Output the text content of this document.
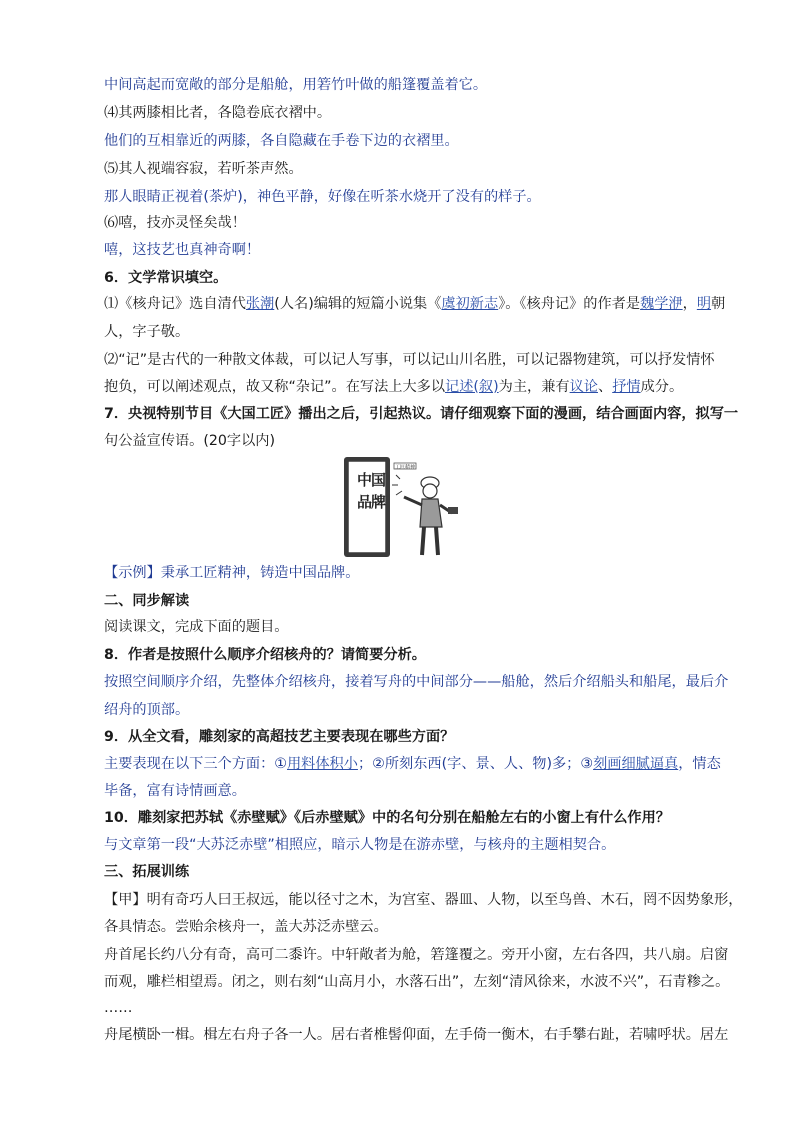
中间高起而宽敞的部分是船舱，用箬竹叶做的船篷覆盖着它。
⑷其两膝相比者，各隐卷底衣褶中。
他们的互相靠近的两膝，各自隐藏在手卷下边的衣褶里。
⑸其人视端容寂，若听茶声然。
那人眼睛正视着(茶炉)，神色平静，好像在听茶水烧开了没有的样子。
⑹嘻，技亦灵怪矣哉！
嘻，这技艺也真神奇啊！
6．文学常识填空。
⑴《核舟记》选自清代张潮(人名)编辑的短篇小说集《虞初新志》。《核舟记》的作者是魏学洢，明朝
人，字子敬。
⑵“记”是古代的一种散文体裁，可以记人写事，可以记山川名胜，可以记器物建筑，可以抒发情怀
抱负，可以阐述观点，故又称“杂记”。在写法上大多以记述(叙)为主，兼有议论、抒情成分。
7．央视特别节目《大国工匠》播出之后，引起热议。请仔细观察下面的漫画，结合画面内容，拟写一
句公益宣传语。(20字以内)
中
国
品
牌
工匠精神
【示例】秉承工匠精神，铸造中国品牌。
二、同步解读
阅读课文，完成下面的题目。
8．作者是按照什么顺序介绍核舟的？请简要分析。
按照空间顺序介绍，先整体介绍核舟，接着写舟的中间部分——船舱，然后介绍船头和船尾，最后介
绍舟的顶部。
9．从全文看，雕刻家的高超技艺主要表现在哪些方面？
主要表现在以下三个方面：①用料体积小；②所刻东西(字、景、人、物)多；③刻画细腻逼真，情态
毕备，富有诗情画意。
10．雕刻家把苏轼《赤壁赋》《后赤壁赋》中的名句分别在船舱左右的小窗上有什么作用？
与文章第一段“大苏泛赤壁”相照应，暗示人物是在游赤壁，与核舟的主题相契合。
三、拓展训练
【甲】明有奇巧人曰王叔远，能以径寸之木，为宫室、器皿、人物，以至鸟兽、木石，罔不因势象形，
各具情态。尝贻余核舟一，盖大苏泛赤壁云。
舟首尾长约八分有奇，高可二黍许。中轩敞者为舱，箬篷覆之。旁开小窗，左右各四，共八扇。启窗
而观，雕栏相望焉。闭之，则右刻“山高月小，水落石出”，左刻“清风徐来，水波不兴”，石青糁之。
……
舟尾横卧一楫。楫左右舟子各一人。居右者椎髻仰面，左手倚一衡木，右手攀右趾，若啸呼状。居左
